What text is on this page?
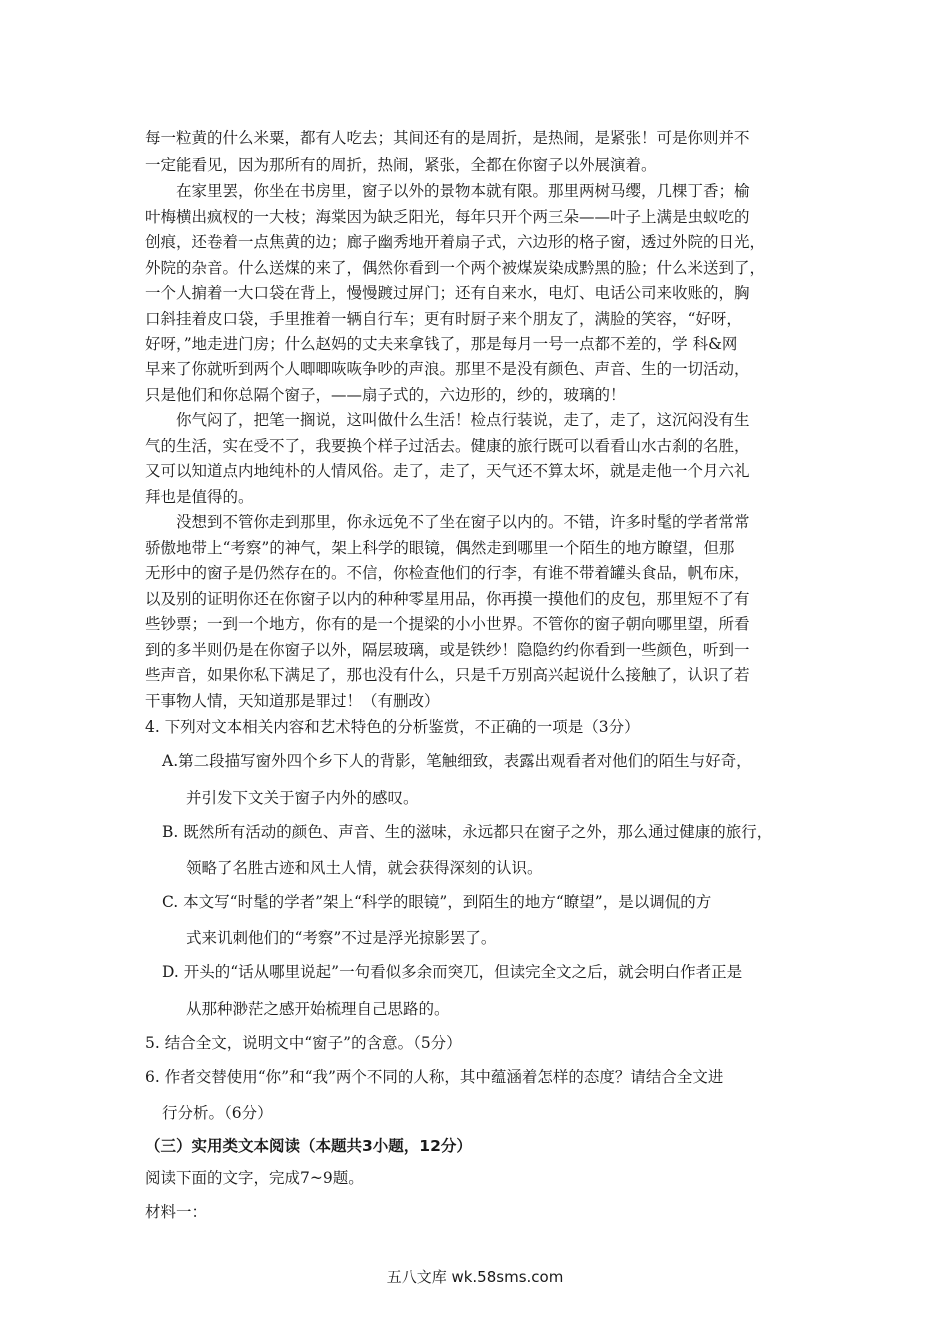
每一粒黄的什么米粟，都有人吃去；其间还有的是周折，是热闹，是紧张！可是你则并不
一定能看见，因为那所有的周折，热闹，紧张，全都在你窗子以外展演着。
在家里罢，你坐在书房里，窗子以外的景物本就有限。那里两树马缨，几棵丁香；榆
叶梅横出疯杈的一大枝；海棠因为缺乏阳光，每年只开个两三朵——叶子上满是虫蚁吃的
创痕，还卷着一点焦黄的边；廊子幽秀地开着扇子式，六边形的格子窗，透过外院的日光，
外院的杂音。什么送煤的来了，偶然你看到一个两个被煤炭染成黔黑的脸；什么米送到了，
一个人掮着一大口袋在背上，慢慢踱过屏门；还有自来水，电灯、电话公司来收账的，胸
口斜挂着皮口袋，手里推着一辆自行车；更有时厨子来个朋友了，满脸的笑容，“好呀，
好呀，”地走进门房；什么赵妈的丈夫来拿钱了，那是每月一号一点都不差的，学 科&网
早来了你就听到两个人唧唧咴咴争吵的声浪。那里不是没有颜色、声音、生的一切活动，
只是他们和你总隔个窗子，——扇子式的，六边形的，纱的，玻璃的！
你气闷了，把笔一搁说，这叫做什么生活！检点行装说，走了，走了，这沉闷没有生
气的生活，实在受不了，我要换个样子过活去。健康的旅行既可以看看山水古刹的名胜，
又可以知道点内地纯朴的人情风俗。走了，走了，天气还不算太坏，就是走他一个月六礼
拜也是值得的。
没想到不管你走到那里，你永远免不了坐在窗子以内的。不错，许多时髦的学者常常
骄傲地带上“考察”的神气，架上科学的眼镜，偶然走到哪里一个陌生的地方瞭望，但那
无形中的窗子是仍然存在的。不信，你检查他们的行李，有谁不带着罐头食品，帆布床，
以及别的证明你还在你窗子以内的种种零星用品，你再摸一摸他们的皮包，那里短不了有
些钞票；一到一个地方，你有的是一个提梁的小小世界。不管你的窗子朝向哪里望，所看
到的多半则仍是在你窗子以外，隔层玻璃，或是铁纱！隐隐约约你看到一些颜色，听到一
些声音，如果你私下满足了，那也没有什么，只是千万别高兴起说什么接触了，认识了若
干事物人情，天知道那是罪过！（有删改）
4. 下列对文本相关内容和艺术特色的分析鉴赏，不正确的一项是（3分）
A.第二段描写窗外四个乡下人的背影，笔触细致，表露出观看者对他们的陌生与好奇，
并引发下文关于窗子内外的感叹。
B. 既然所有活动的颜色、声音、生的滋味，永远都只在窗子之外，那么通过健康的旅行，
领略了名胜古迹和风土人情，就会获得深刻的认识。
C. 本文写“时髦的学者”架上“科学的眼镜”，到陌生的地方“瞭望”，是以调侃的方
式来讥刺他们的“考察”不过是浮光掠影罢了。
D. 开头的“话从哪里说起”一句看似多余而突兀，但读完全文之后，就会明白作者正是
从那种渺茫之感开始梳理自己思路的。
5. 结合全文，说明文中“窗子”的含意。（5分）
6. 作者交替使用“你”和“我”两个不同的人称，其中蕴涵着怎样的态度？请结合全文进
行分析。（6分）
（三）实用类文本阅读（本题共3小题，12分）
阅读下面的文字，完成7~9题。
材料一：
五八文库 wk.58sms.com
